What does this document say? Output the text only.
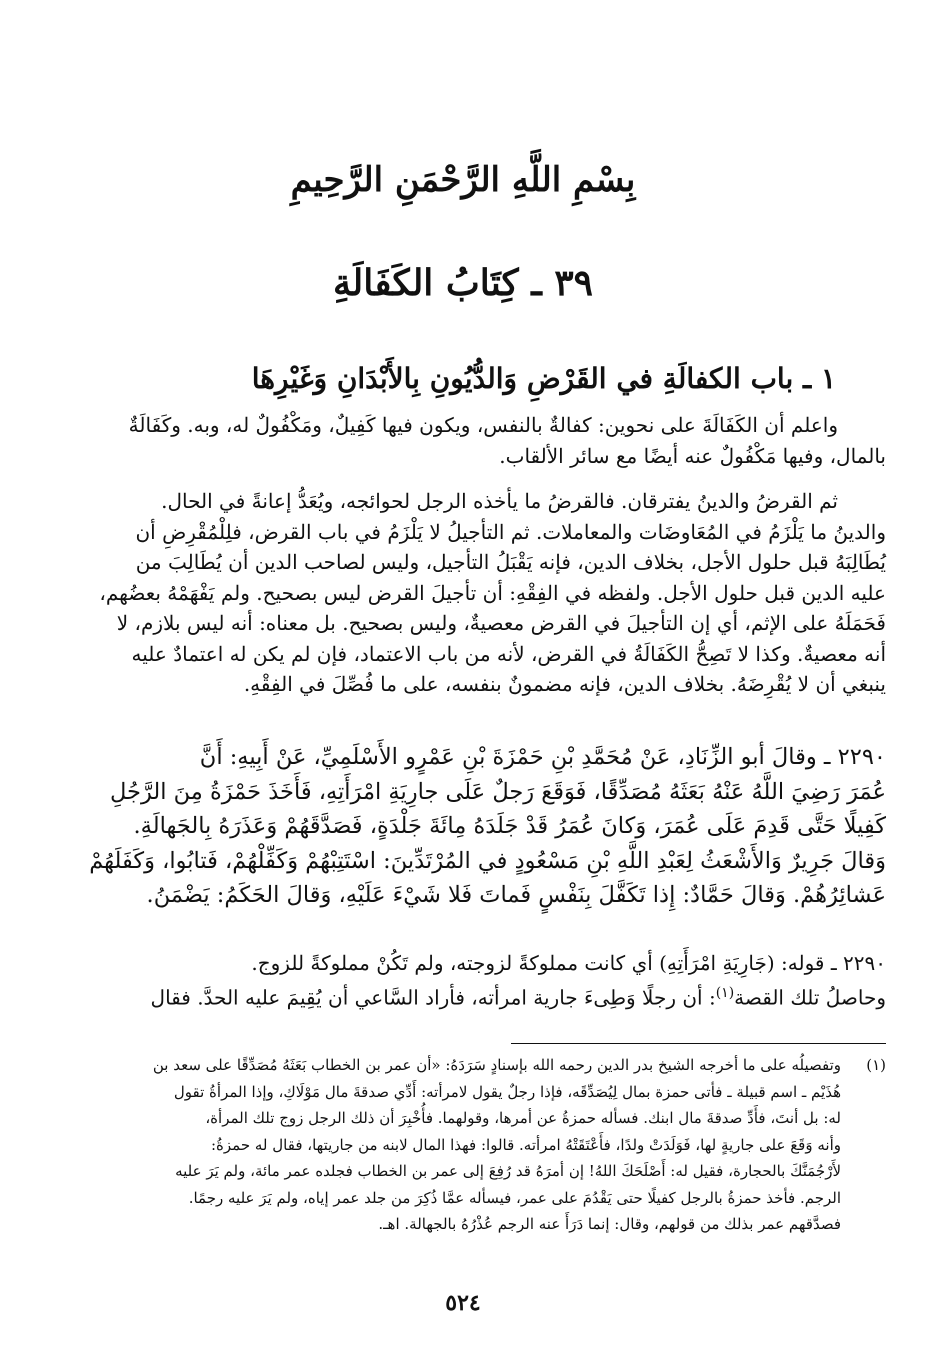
بِسْمِ اللَّهِ الرَّحْمَنِ الرَّحِيمِ
٣٩ ـ كِتَابُ الكَفَالَةِ
١ ـ باب الكفالَةِ في القَرْضِ وَالدُّيُونِ بِالأَبْدَانِ وَغَيْرِهَا
واعلم أن الكَفَالَةَ على نحوين: كفالةٌ بالنفس، ويكون فيها كَفِيلٌ، ومَكْفُولٌ له، وبه. وكَفَالَةٌ
بالمال، وفيها مَكْفُولٌ عنه أيضًا مع سائر الألقاب.
ثم القرضُ والدينُ يفترقان. فالقرضُ ما يأخذه الرجل لحوائجه، ويُعَدُّ إعانةً في الحال.
والدينُ ما يَلْزَمُ في المُعَاوضَات والمعاملات. ثم التأجيلُ لا يَلْزَمُ في باب القرض، فلِلْمُقْرِضِ أن
يُطَالِبَهُ قبل حلول الأجل، بخلاف الدين، فإنه يَقْبَلُ التأجيل، وليس لصاحب الدين أن يُطَالِبَ من
عليه الدين قبل حلول الأجل. ولفظه في الفِقْهِ: أن تأجيلَ القرض ليس بصحيح. ولم يَفْهَمْهُ بعضُهم،
فَحَمَلَهُ على الإثم، أي إن التأجيلَ في القرض معصيةٌ، وليس بصحيح. بل معناه: أنه ليس بلازم، لا
أنه معصيةٌ. وكذا لا تَصِحُّ الكَفَالَةُ في القرض، لأنه من باب الاعتماد، فإن لم يكن له اعتمادٌ عليه
ينبغي أن لا يُقْرِضَهُ. بخلاف الدين، فإنه مضمونٌ بنفسه، على ما فُصِّلَ في الفِقْهِ.
٢٢٩٠ ـ وقالَ أبو الزِّنَادِ، عَنْ مُحَمَّدِ بْنِ حَمْزَةَ بْنِ عَمْرٍو الأَسْلَمِيِّ، عَنْ أَبِيهِ: أَنَّ
عُمَرَ رَضِيَ اللَّهُ عَنْهُ بَعَثَهُ مُصَدِّقًا، فَوَقَعَ رَجلٌ عَلَى جارِيَةِ امْرَأَتِهِ، فَأَخَذَ حَمْزَةُ مِنَ الرَّجُلِ
كَفِيلًا حَتَّى قَدِمَ عَلَى عُمَرَ، وَكانَ عُمَرُ قَدْ جَلَدَهُ مِائَةَ جَلْدَةٍ، فَصَدَّقَهُمْ وَعَذَرَهُ بِالجَهالَةِ.
وَقالَ جَرِيرٌ وَالأَشْعَثُ لِعَبْدِ اللَّهِ بْنِ مَسْعُودٍ في المُرْتَدِّينَ: اسْتَتِبْهُمْ وَكَفِّلْهُمْ، فَتابُوا، وَكَفَلَهُمْ
عَشائِرُهُمْ. وَقالَ حَمَّادٌ: إِذا تَكَفَّلَ بِنَفْسٍ فَماتَ فَلا شَيْءَ عَلَيْهِ، وَقالَ الحَكَمُ: يَضْمَنُ.
٢٢٩٠ ـ قوله: (جَارِيَةِ امْرَأَتِهِ) أي كانت مملوكةً لزوجته، ولم تَكُنْ مملوكةً للزوج.
وحاصلُ تلك القصة$^{(١)}$: أن رجلًا وَطِىءَ جارية امرأته، فأراد السَّاعي أن يُقِيمَ عليه الحدَّ. فقال
(١)
وتفصيلُه على ما أخرجه الشيخ بدر الدين رحمه الله بإسنادٍ سَرَدَهُ: «أن عمر بن الخطاب بَعَثَهُ مُصَدِّقًا على سعد بن
هُذَيْم ـ اسم قبيلة ـ فأتى حمزة بمال لِيُصَدِّقَه، فإذا رجلٌ يقول لامرأته: أَدِّي صدقةَ مال مَوْلَاكِ، وإذا المرأةُ تقول
له: بل أنتَ، فأَدِّ صدقةَ مال ابنك. فسأله حمزةُ عن أمرها، وقولهما. فأُخْبِرَ أن ذلك الرجل زوج تلك المرأة،
وأنه وَقَعَ على جاريةٍ لها، فَوَلَدَتْ ولدًا، فأَعْتَقَتْهُ امرأته. قالوا: فهذا المال لابنه من جاريتها، فقال له حمزةُ:
لأَرْجُمَنَّكَ بالحجارة، فقيل له: أَصْلَحَكَ اللهُ! إن أمرَهُ قد رُفِعَ إلى عمر بن الخطاب فجلده عمر مائة، ولم يَرَ عليه
الرجم. فأخذ حمزةُ بالرجل كفيلًا حتى يَقْدُمَ على عمر، فيسأله عمَّا ذُكِرَ من جلد عمر إياه، ولم يَرَ عليه رجمًا.
فصدَّقهم عمر بذلك من قولهم، وقال: إنما دَرَأَ عنه الرجم عُذْرُهُ بالجهالة. اهـ.
٥٢٤
